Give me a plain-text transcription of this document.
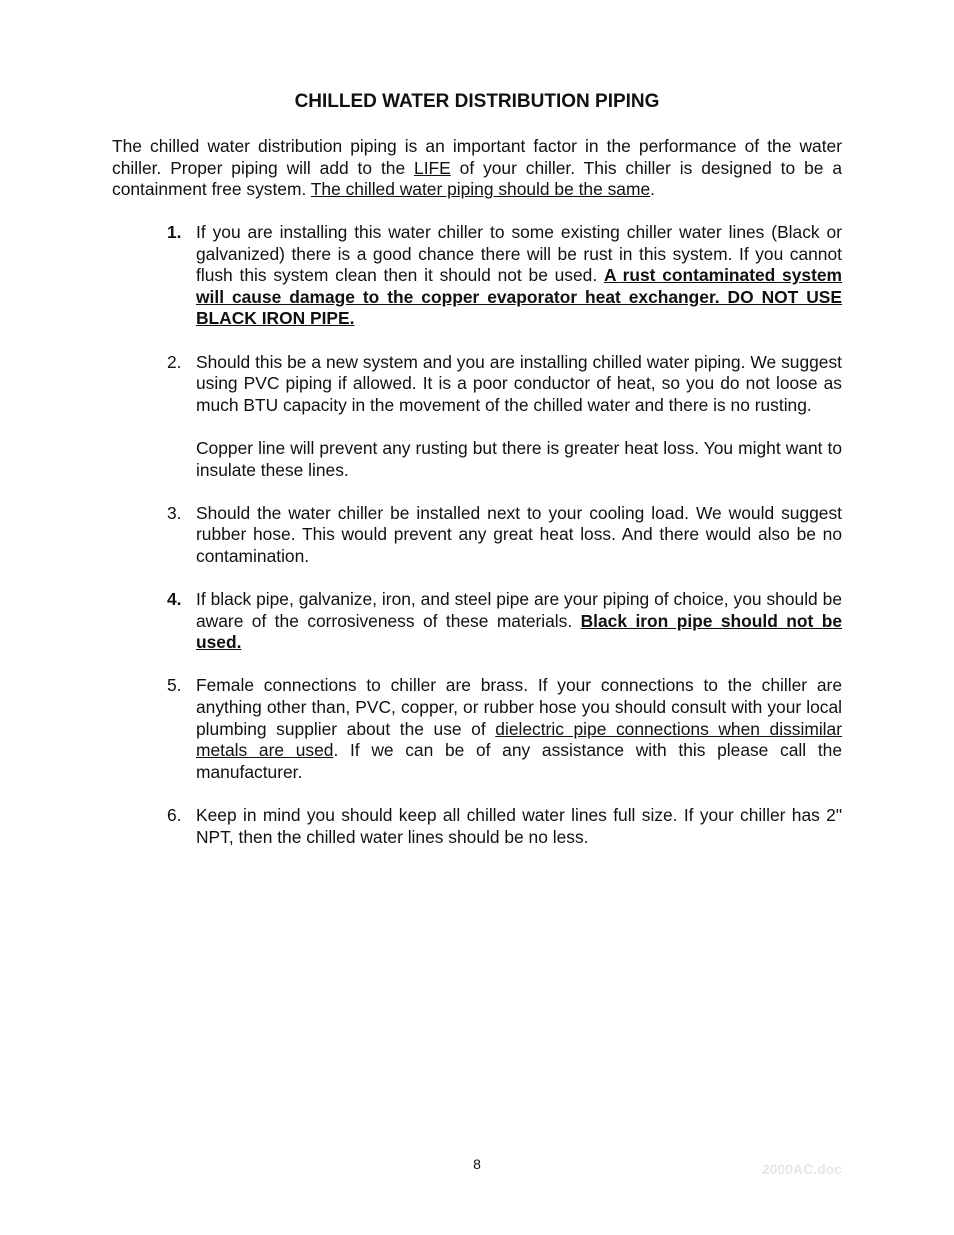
CHILLED WATER DISTRIBUTION PIPING
The chilled water distribution piping is an important factor in the performance of the water chiller. Proper piping will add to the LIFE of your chiller. This chiller is designed to be a containment free system. The chilled water piping should be the same.
1. If you are installing this water chiller to some existing chiller water lines (Black or galvanized) there is a good chance there will be rust in this system. If you cannot flush this system clean then it should not be used. A rust contaminated system will cause damage to the copper evaporator heat exchanger. DO NOT USE BLACK IRON PIPE.

2. Should this be a new system and you are installing chilled water piping. We suggest using PVC piping if allowed. It is a poor conductor of heat, so you do not loose as much BTU capacity in the movement of the chilled water and there is no rusting.

Copper line will prevent any rusting but there is greater heat loss. You might want to insulate these lines.

3. Should the water chiller be installed next to your cooling load. We would suggest rubber hose. This would prevent any great heat loss. And there would also be no contamination.

4. If black pipe, galvanize, iron, and steel pipe are your piping of choice, you should be aware of the corrosiveness of these materials. Black iron pipe should not be used.

5. Female connections to chiller are brass. If your connections to the chiller are anything other than, PVC, copper, or rubber hose you should consult with your local plumbing supplier about the use of dielectric pipe connections when dissimilar metals are used. If we can be of any assistance with this please call the manufacturer.

6. Keep in mind you should keep all chilled water lines full size. If your chiller has 2" NPT, then the chilled water lines should be no less.

8	2000AC.doc
